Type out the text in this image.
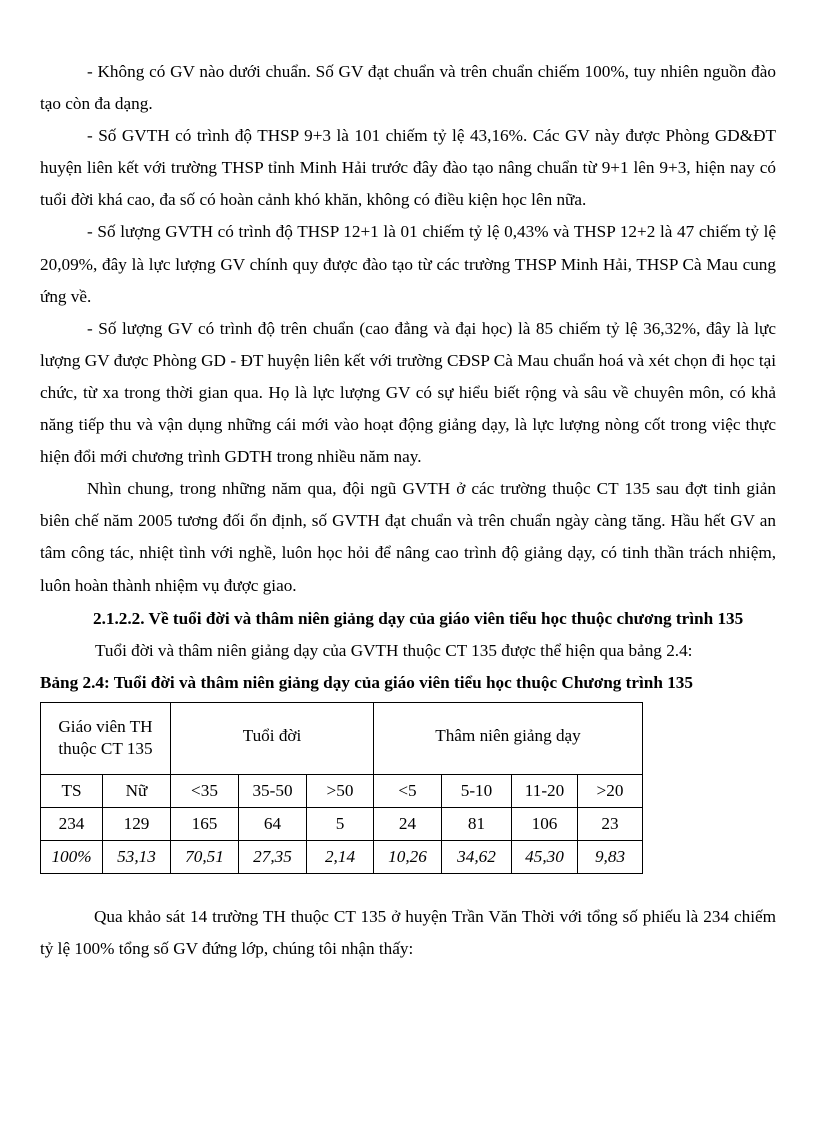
- Không có GV nào dưới chuẩn. Số GV đạt chuẩn và trên chuẩn chiếm 100%, tuy nhiên nguồn đào tạo còn đa dạng.

- Số GVTH có trình độ THSP 9+3 là 101 chiếm tỷ lệ 43,16%. Các GV này được Phòng GD&ĐT huyện liên kết với trường THSP tỉnh Minh Hải trước đây đào tạo nâng chuẩn từ 9+1 lên 9+3, hiện nay có tuổi đời khá cao, đa số có hoàn cảnh khó khăn, không có điều kiện học lên nữa.

- Số lượng GVTH có trình độ THSP 12+1 là 01 chiếm tỷ lệ 0,43% và THSP 12+2 là 47 chiếm tỷ lệ 20,09%, đây là lực lượng GV chính quy được đào tạo từ các trường THSP Minh Hải, THSP Cà Mau cung ứng về.

- Số lượng GV có trình độ trên chuẩn (cao đẳng và đại học) là 85 chiếm tỷ lệ 36,32%, đây là lực lượng GV được Phòng GD - ĐT huyện liên kết với trường CĐSP Cà Mau chuẩn hoá và xét chọn đi học tại chức, từ xa trong thời gian qua. Họ là lực lượng GV có sự hiểu biết rộng và sâu về chuyên môn, có khả năng tiếp thu và vận dụng những cái mới vào hoạt động giảng dạy, là lực lượng nòng cốt trong việc thực hiện đổi mới chương trình GDTH trong nhiều năm nay.

Nhìn chung, trong những năm qua, đội ngũ GVTH ở các trường thuộc CT 135 sau đợt tinh giản biên chế năm 2005 tương đối ổn định, số GVTH đạt chuẩn và trên chuẩn ngày càng tăng. Hầu hết GV an tâm công tác, nhiệt tình với nghề, luôn học hỏi để nâng cao trình độ giảng dạy, có tinh thần trách nhiệm, luôn hoàn thành nhiệm vụ được giao.

2.1.2.2. Về tuổi đời và thâm niên giảng dạy của giáo viên tiểu học thuộc chương trình 135

Tuổi đời và thâm niên giảng dạy của GVTH thuộc CT 135 được thể hiện qua bảng 2.4:

Bảng 2.4: Tuổi đời và thâm niên giảng dạy của giáo viên tiểu học thuộc Chương trình 135

Giáo viên TH thuộc CT 135		Tuổi đời			Thâm niên giảng dạy			
TS	Nữ	<35	35-50	>50	<5	5-10	11-20	>20
234	129	165	64	5	24	81	106	23
100%	53,13	70,51	27,35	2,14	10,26	34,62	45,30	9,83

Qua khảo sát 14 trường TH thuộc CT 135 ở huyện Trần Văn Thời với tổng số phiếu là 234 chiếm tỷ lệ 100% tổng số GV đứng lớp, chúng tôi nhận thấy:
